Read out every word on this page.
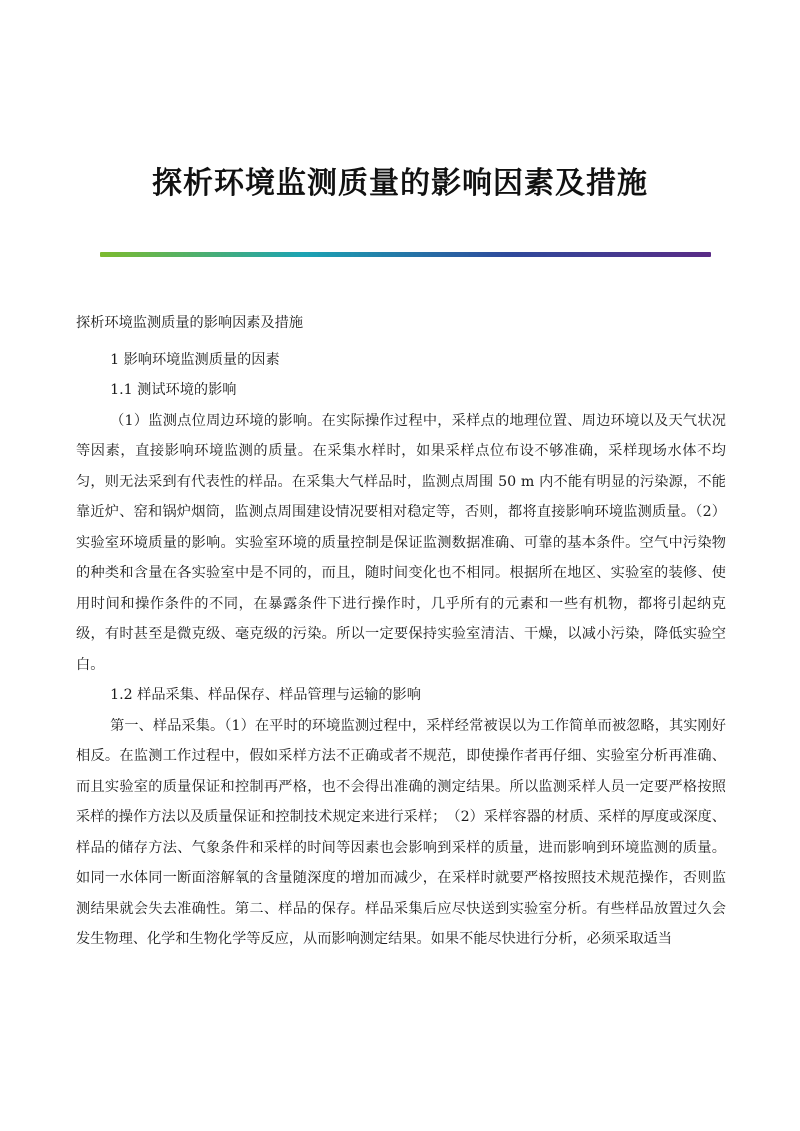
探析环境监测质量的影响因素及措施

探析环境监测质量的影响因素及措施

1 影响环境监测质量的因素

1.1 测试环境的影响

（1）监测点位周边环境的影响。在实际操作过程中，采样点的地理位置、周边环境以及天气状况等因素，直接影响环境监测的质量。在采集水样时，如果采样点位布设不够准确，采样现场水体不均匀，则无法采到有代表性的样品。在采集大气样品时，监测点周围 50 m 内不能有明显的污染源，不能靠近炉、窑和锅炉烟筒，监测点周围建设情况要相对稳定等，否则，都将直接影响环境监测质量。（2）实验室环境质量的影响。实验室环境的质量控制是保证监测数据准确、可靠的基本条件。空气中污染物的种类和含量在各实验室中是不同的，而且，随时间变化也不相同。根据所在地区、实验室的装修、使用时间和操作条件的不同，在暴露条件下进行操作时，几乎所有的元素和一些有机物，都将引起纳克级，有时甚至是微克级、毫克级的污染。所以一定要保持实验室清洁、干燥，以减小污染，降低实验空白。

1.2 样品采集、样品保存、样品管理与运输的影响

第一、样品采集。（1）在平时的环境监测过程中，采样经常被误以为工作简单而被忽略，其实刚好相反。在监测工作过程中，假如采样方法不正确或者不规范，即使操作者再仔细、实验室分析再准确、而且实验室的质量保证和控制再严格，也不会得出准确的测定结果。所以监测采样人员一定要严格按照采样的操作方法以及质量保证和控制技术规定来进行采样；　（2）采样容器的材质、采样的厚度或深度、样品的储存方法、气象条件和采样的时间等因素也会影响到采样的质量，进而影响到环境监测的质量。如同一水体同一断面溶解氧的含量随深度的增加而减少，在采样时就要严格按照技术规范操作，否则监测结果就会失去准确性。第二、样品的保存。样品采集后应尽快送到实验室分析。有些样品放置过久会发生物理、化学和生物化学等反应，从而影响测定结果。如果不能尽快进行分析，必须采取适当
